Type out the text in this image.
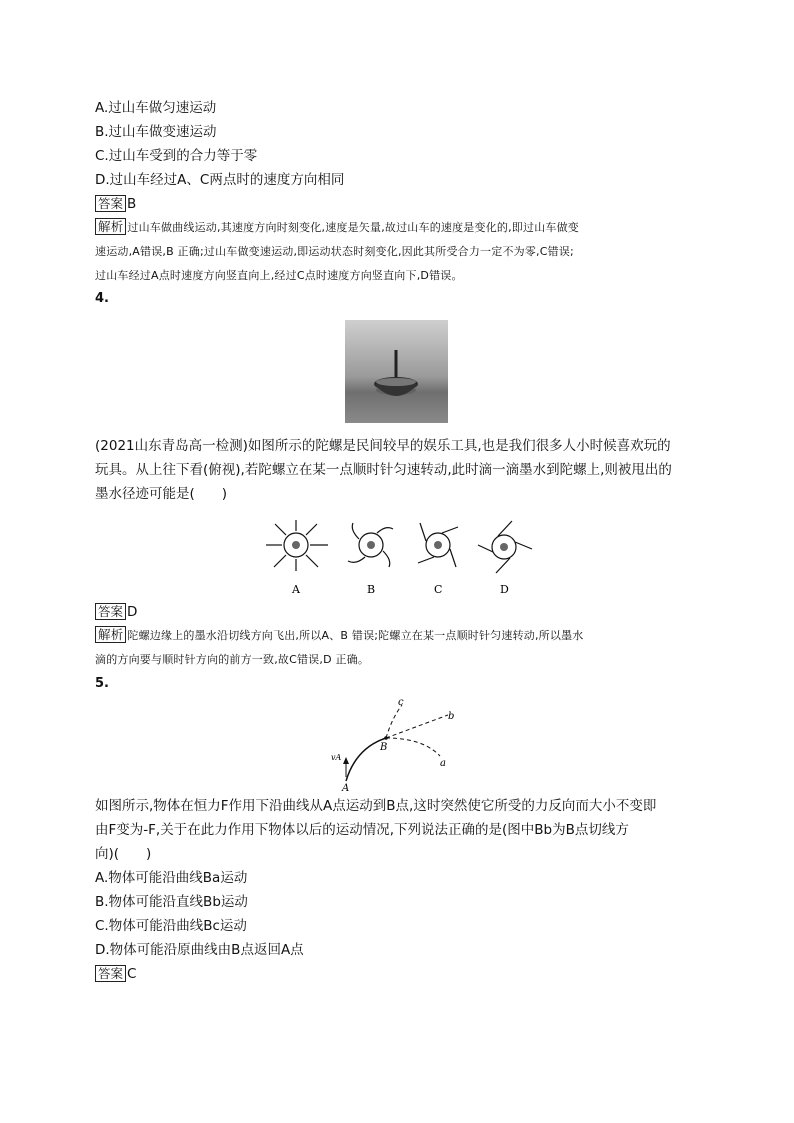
A.过山车做匀速运动
B.过山车做变速运动
C.过山车受到的合力等于零
D.过山车经过A、C两点时的速度方向相同
答案 B
解析 过山车做曲线运动,其速度方向时刻变化,速度是矢量,故过山车的速度是变化的,即过山车做变
速运动,A错误,B 正确;过山车做变速运动,即运动状态时刻变化,因此其所受合力一定不为零,C错误;
过山车经过A点时速度方向竖直向上,经过C点时速度方向竖直向下,D错误。
4.
(2021山东青岛高一检测)如图所示的陀螺是民间较早的娱乐工具,也是我们很多人小时候喜欢玩的
玩具。从上往下看(俯视),若陀螺立在某一点顺时针匀速转动,此时滴一滴墨水到陀螺上,则被甩出的
墨水径迹可能是(　　)
A	B	C	D
答案 D
解析 陀螺边缘上的墨水沿切线方向飞出,所以A、B 错误;陀螺立在某一点顺时针匀速转动,所以墨水
滴的方向要与顺时针方向的前方一致,故C错误,D 正确。
5.
c
b
a
B
A
vA
如图所示,物体在恒力F作用下沿曲线从A点运动到B点,这时突然使它所受的力反向而大小不变即
由F变为-F,关于在此力作用下物体以后的运动情况,下列说法正确的是(图中Bb为B点切线方
向)(　　)
A.物体可能沿曲线Ba运动
B.物体可能沿直线Bb运动
C.物体可能沿曲线Bc运动
D.物体可能沿原曲线由B点返回A点
答案 C
